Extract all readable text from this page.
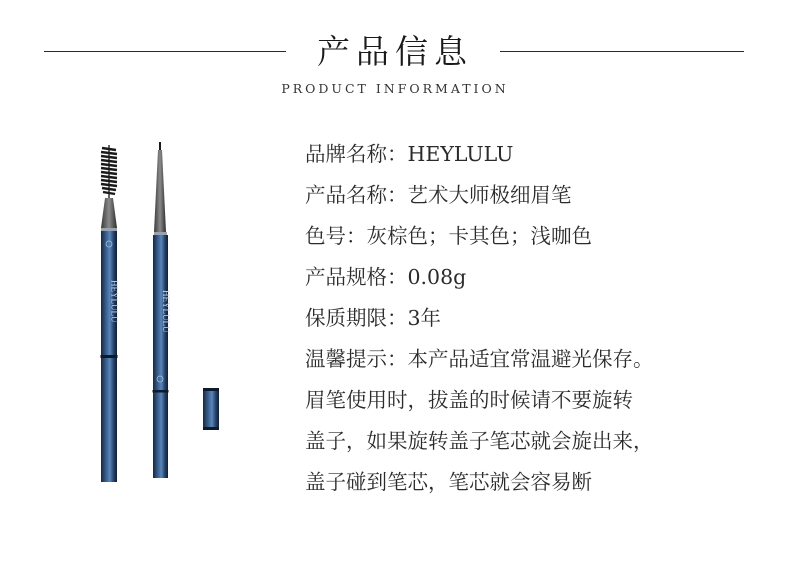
产品信息
PRODUCT INFORMATION
HEYLULU	HEYLULU
品牌名称：HEYLULU
产品名称：艺术大师极细眉笔
色号：灰棕色；卡其色；浅咖色
产品规格：0.08g
保质期限：3年
温馨提示：本产品适宜常温避光保存。
眉笔使用时，拔盖的时候请不要旋转
盖子，如果旋转盖子笔芯就会旋出来，
盖子碰到笔芯，笔芯就会容易断
